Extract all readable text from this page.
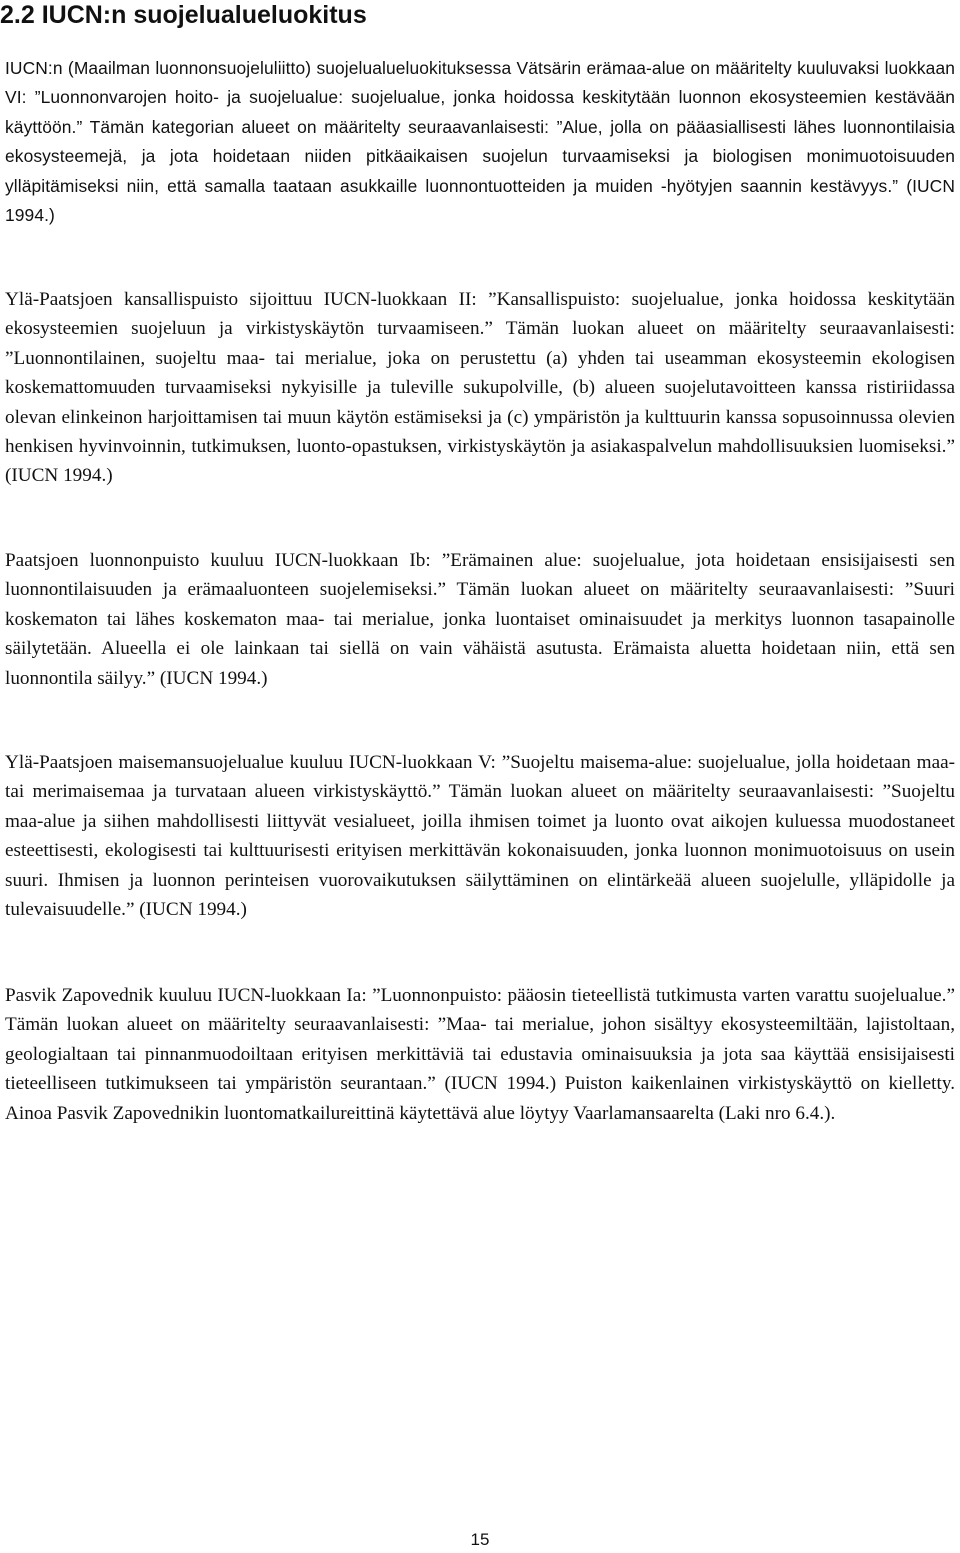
2.2 IUCN:n suojelualueluokitus

IUCN:n (Maailman luonnonsuojeluliitto) suojelualueluokituksessa Vätsärin erämaa-alue on määritelty kuuluvaksi luokkaan VI: ”Luonnonvarojen hoito- ja suojelualue: suojelualue, jonka hoidossa keskitytään luonnon ekosysteemien kestävään käyttöön.” Tämän kategorian alueet on määritelty seuraavanlaisesti: ”Alue, jolla on pääasiallisesti lähes luonnontilaisia ekosysteemejä, ja jota hoidetaan niiden pitkäaikaisen suojelun turvaamiseksi ja biologisen monimuotoisuuden ylläpitämiseksi niin, että samalla taataan asukkaille luonnontuotteiden ja muiden -hyötyjen saannin kestävyys.” (IUCN 1994.)

Ylä-Paatsjoen kansallispuisto sijoittuu IUCN-luokkaan II: ”Kansallispuisto: suojelualue, jonka hoidossa keskitytään ekosysteemien suojeluun ja virkistyskäytön turvaamiseen.” Tämän luokan alueet on määritelty seuraavanlaisesti: ”Luonnontilainen, suojeltu maa- tai merialue, joka on perustettu (a) yhden tai useamman ekosysteemin ekologisen koskemattomuuden turvaamiseksi nykyisille ja tuleville sukupolville, (b) alueen suojelutavoitteen kanssa ristiriidassa olevan elinkeinon harjoittamisen tai muun käytön estämiseksi ja (c) ympäristön ja kulttuurin kanssa sopusoinnussa olevien henkisen hyvinvoinnin, tutkimuksen, luonto-opastuksen, virkistyskäytön ja asiakaspalvelun mahdollisuuksien luomiseksi.” (IUCN 1994.)

Paatsjoen luonnonpuisto kuuluu IUCN-luokkaan Ib: ”Erämainen alue: suojelualue, jota hoidetaan ensisijaisesti sen luonnontilaisuuden ja erämaaluonteen suojelemiseksi.” Tämän luokan alueet on määritelty seuraavanlaisesti: ”Suuri koskematon tai lähes koskematon maa- tai merialue, jonka luontaiset ominaisuudet ja merkitys luonnon tasapainolle säilytetään. Alueella ei ole lainkaan tai siellä on vain vähäistä asutusta. Erämaista aluetta hoidetaan niin, että sen luonnontila säilyy.” (IUCN 1994.)

Ylä-Paatsjoen maisemansuojelualue kuuluu IUCN-luokkaan V: ”Suojeltu maisema-alue: suojelualue, jolla hoidetaan maa- tai merimaisemaa ja turvataan alueen virkistyskäyttö.” Tämän luokan alueet on määritelty seuraavanlaisesti: ”Suojeltu maa-alue ja siihen mahdollisesti liittyvät vesialueet, joilla ihmisen toimet ja luonto ovat aikojen kuluessa muodostaneet esteettisesti, ekologisesti tai kulttuurisesti erityisen merkittävän kokonaisuuden, jonka luonnon monimuotoisuus on usein suuri. Ihmisen ja luonnon perinteisen vuorovaikutuksen säilyttäminen on elintärkeää alueen suojelulle, ylläpidolle ja tulevaisuudelle.” (IUCN 1994.)

Pasvik Zapovednik kuuluu IUCN-luokkaan Ia: ”Luonnonpuisto: pääosin tieteellistä tutkimusta varten varattu suojelualue.” Tämän luokan alueet on määritelty seuraavanlaisesti: ”Maa- tai merialue, johon sisältyy ekosysteemiltään, lajistoltaan, geologialtaan tai pinnanmuodoiltaan erityisen merkittäviä tai edustavia ominaisuuksia ja jota saa käyttää ensisijaisesti tieteelliseen tutkimukseen tai ympäristön seurantaan.” (IUCN 1994.) Puiston kaikenlainen virkistyskäyttö on kielletty. Ainoa Pasvik Zapovednikin luontomatkailureittinä käytettävä alue löytyy Vaarlamansaarelta (Laki nro 6.4.).

15
